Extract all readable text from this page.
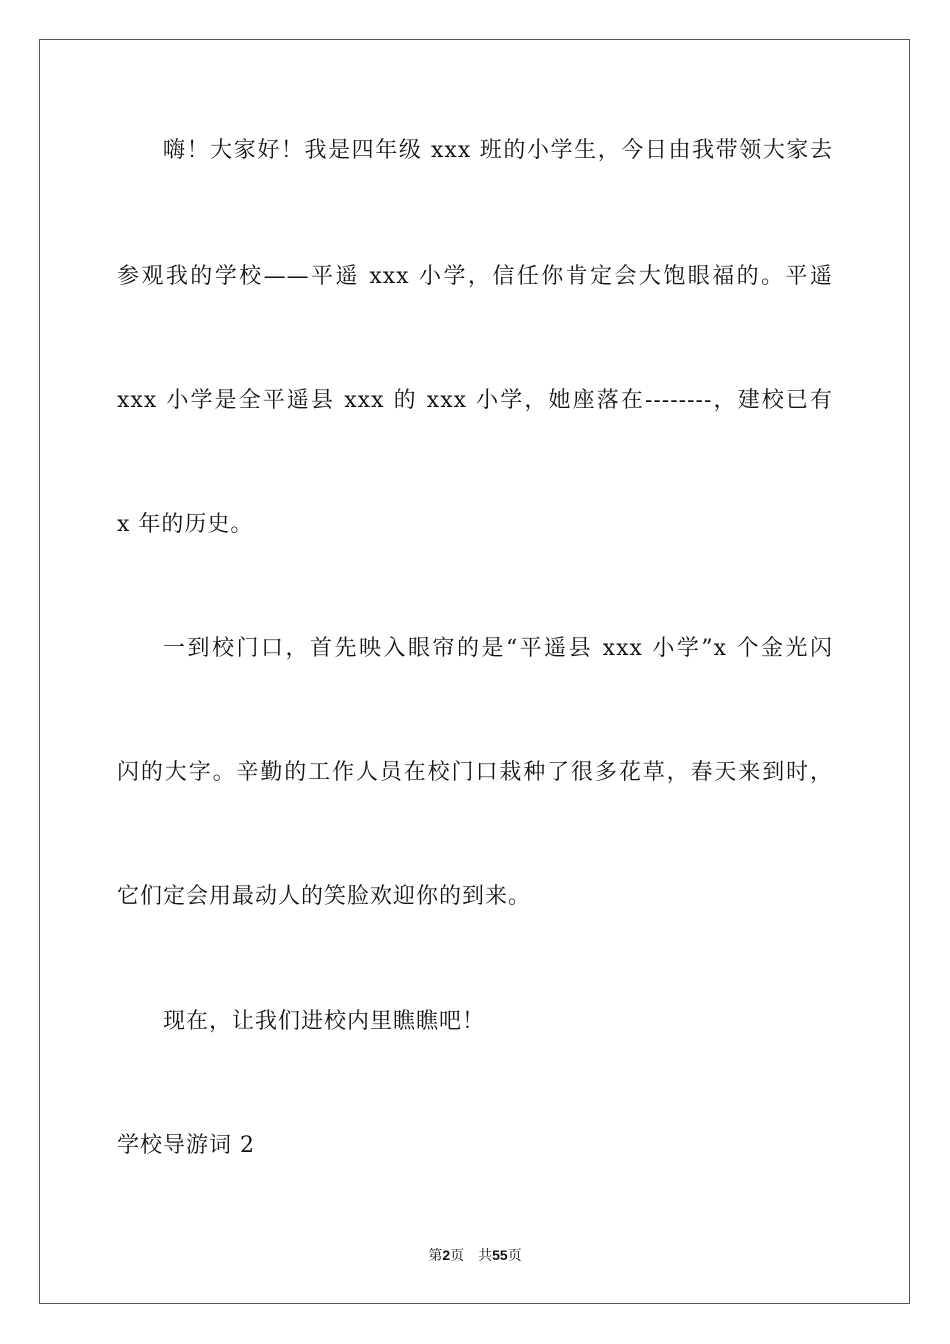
嗨！大家好！我是四年级 xxx 班的小学生，今日由我带领大家去
参观我的学校——平遥 xxx 小学，信任你肯定会大饱眼福的。平遥
xxx 小学是全平遥县 xxx 的 xxx 小学，她座落在--------，建校已有
x 年的历史。
一到校门口，首先映入眼帘的是“平遥县 xxx 小学”x 个金光闪
闪的大字。辛勤的工作人员在校门口栽种了很多花草，春天来到时，
它们定会用最动人的笑脸欢迎你的到来。
现在，让我们进校内里瞧瞧吧！
学校导游词 2
第2页 共55页
